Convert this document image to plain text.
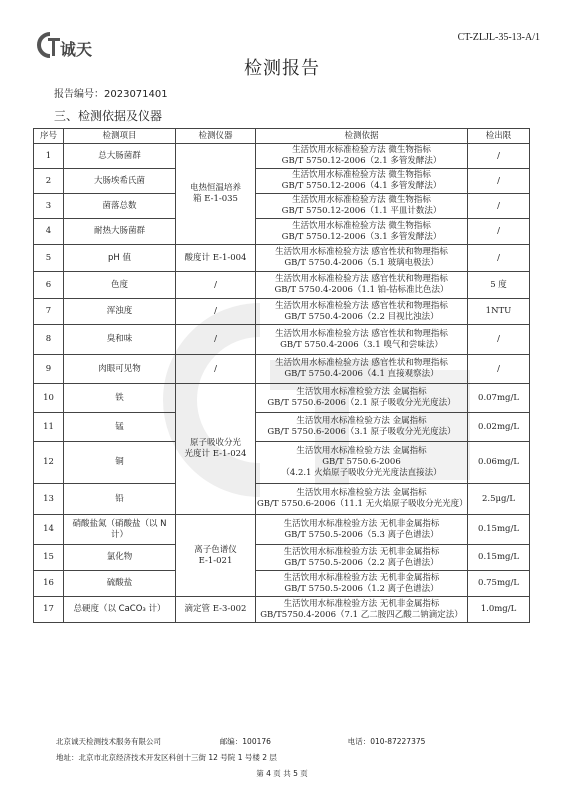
诚天
CT-ZLJL-35-13-A/1
检测报告
报告编号：2023071401
三、检测依据及仪器
序号	检测项目	检测仪器	检测依据	检出限
1	总大肠菌群	电热恒温培养
箱 E-1-035	生活饮用水标准检验方法 微生物指标
GB/T 5750.12-2006（2.1 多管发酵法）	/
2	大肠埃希氏菌		生活饮用水标准检验方法 微生物指标
GB/T 5750.12-2006（4.1 多管发酵法）	/
3	菌落总数		生活饮用水标准检验方法 微生物指标
GB/T 5750.12-2006（1.1 平皿计数法）	/
4	耐热大肠菌群		生活饮用水标准检验方法 微生物指标
GB/T 5750.12-2006（3.1 多管发酵法）	/
5	pH 值	酸度计 E-1-004	生活饮用水标准检验方法 感官性状和物理指标
GB/T 5750.4-2006（5.1 玻璃电极法）	/
6	色度	/	生活饮用水标准检验方法 感官性状和物理指标
GB/T 5750.4-2006（1.1 铂-钴标准比色法）	5 度
7	浑浊度	/	生活饮用水标准检验方法 感官性状和物理指标
GB/T 5750.4-2006（2.2 目视比浊法）	1NTU
8	臭和味	/	生活饮用水标准检验方法 感官性状和物理指标
GB/T 5750.4-2006（3.1 嗅气和尝味法）	/
9	肉眼可见物	/	生活饮用水标准检验方法 感官性状和物理指标
GB/T 5750.4-2006（4.1 直接观察法）	/
10	铁	原子吸收分光
光度计 E-1-024	生活饮用水标准检验方法 金属指标
GB/T 5750.6-2006（2.1 原子吸收分光光度法）	0.07mg/L
11	锰		生活饮用水标准检验方法 金属指标
GB/T 5750.6-2006（3.1 原子吸收分光光度法）	0.02mg/L
12	铜		生活饮用水标准检验方法 金属指标
GB/T 5750.6-2006
（4.2.1 火焰原子吸收分光光度法直接法）	0.06mg/L
13	铅		生活饮用水标准检验方法 金属指标
GB/T 5750.6-2006（11.1 无火焰原子吸收分光光度）	2.5μg/L
14	硝酸盐氮（硝酸盐（以 N 计）	离子色谱仪
E-1-021	生活饮用水标准检验方法 无机非金属指标
GB/T 5750.5-2006（5.3 离子色谱法）	0.15mg/L
15	氯化物		生活饮用水标准检验方法 无机非金属指标
GB/T 5750.5-2006（2.2 离子色谱法）	0.15mg/L
16	硫酸盐		生活饮用水标准检验方法 无机非金属指标
GB/T 5750.5-2006（1.2 离子色谱法）	0.75mg/L
17	总硬度（以 CaCO₃ 计）	滴定管 E-3-002	生活饮用水标准检验方法 无机非金属指标
GB/T5750.4-2006（7.1 乙二胺四乙酸二钠滴定法）	1.0mg/L
北京诚天检测技术服务有限公司	邮编：100176	电话：010-87227375
地址：北京市北京经济技术开发区科创十三街 12 号院 1 号楼 2 层
第 4 页 共 5 页
